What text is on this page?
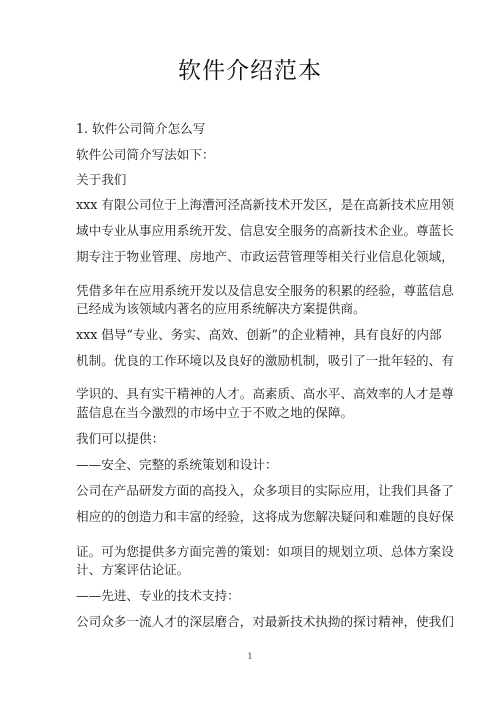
软件介绍范本
1. 软件公司简介怎么写
软件公司简介写法如下：
关于我们
xxx 有限公司位于上海漕河泾高新技术开发区，是在高新技术应用领
域中专业从事应用系统开发、信息安全服务的高新技术企业。尊蓝长
期专注于物业管理、房地产、市政运营管理等相关行业信息化领域，
凭借多年在应用系统开发以及信息安全服务的积累的经验，尊蓝信息
已经成为该领域内著名的应用系统解决方案提供商。
xxx 倡导“专业、务实、高效、创新”的企业精神，具有良好的内部
机制。优良的工作环境以及良好的激励机制，吸引了一批年轻的、有
学识的、具有实干精神的人才。高素质、高水平、高效率的人才是尊
蓝信息在当今激烈的市场中立于不败之地的保障。
我们可以提供：
——安全、完整的系统策划和设计：
公司在产品研发方面的高投入，众多项目的实际应用，让我们具备了
相应的的创造力和丰富的经验，这将成为您解决疑问和难题的良好保
证。可为您提供多方面完善的策划：如项目的规划立项、总体方案设
计、方案评估论证。
——先进、专业的技术支持：
公司众多一流人才的深层磨合，对最新技术执拗的探讨精神，使我们
1
